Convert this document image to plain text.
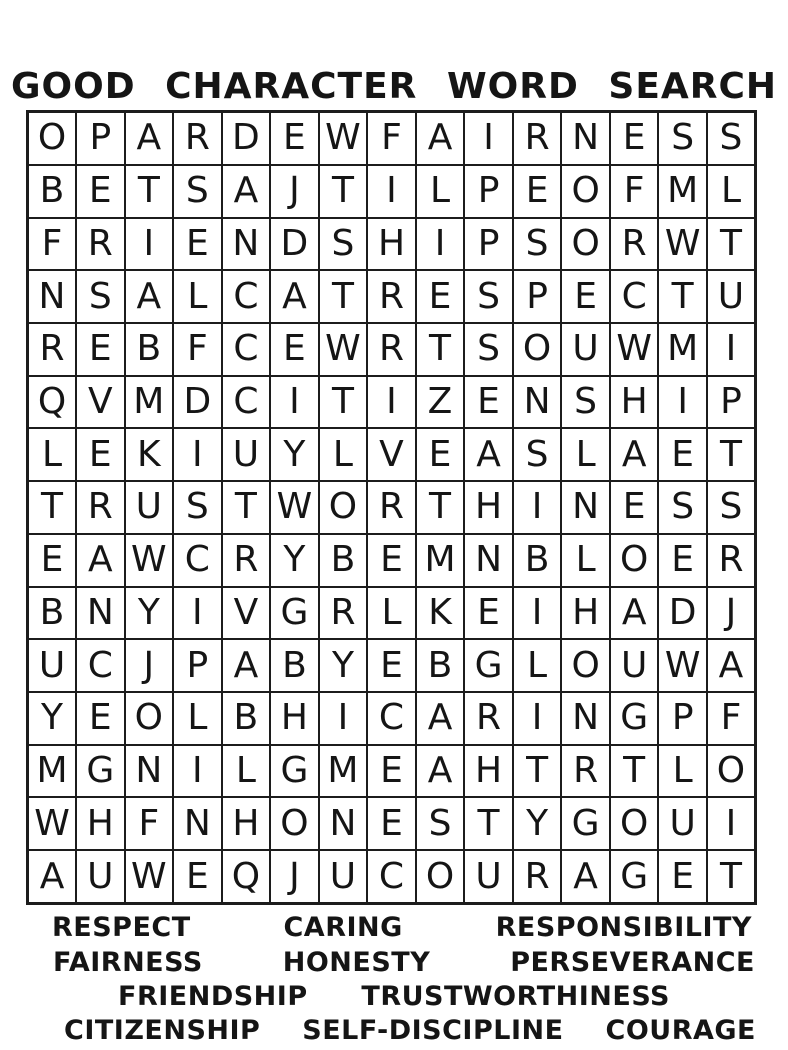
GOOD CHARACTER WORD SEARCH
O	P	A	R	D	E	W	F	A	I	R	N	E	S	S
B	E	T	S	A	J	T	I	L	P	E	O	F	M	L
F	R	I	E	N	D	S	H	I	P	S	O	R	W	T
N	S	A	L	C	A	T	R	E	S	P	E	C	T	U
R	E	B	F	C	E	W	R	T	S	O	U	W	M	I
Q	V	M	D	C	I	T	I	Z	E	N	S	H	I	P
L	E	K	I	U	Y	L	V	E	A	S	L	A	E	T
T	R	U	S	T	W	O	R	T	H	I	N	E	S	S
E	A	W	C	R	Y	B	E	M	N	B	L	O	E	R
B	N	Y	I	V	G	R	L	K	E	I	H	A	D	J
U	C	J	P	A	B	Y	E	B	G	L	O	U	W	A
Y	E	O	L	B	H	I	C	A	R	I	N	G	P	F
M	G	N	I	L	G	M	E	A	H	T	R	T	L	O
W	H	F	N	H	O	N	E	S	T	Y	G	O	U	I
A	U	W	E	Q	J	U	C	O	U	R	A	G	E	T
RESPECT	CARING	RESPONSIBILITY
FAIRNESS	HONESTY	PERSEVERANCE
FRIENDSHIP TRUSTWORTHINESS
CITIZENSHIP SELF-DISCIPLINE COURAGE
